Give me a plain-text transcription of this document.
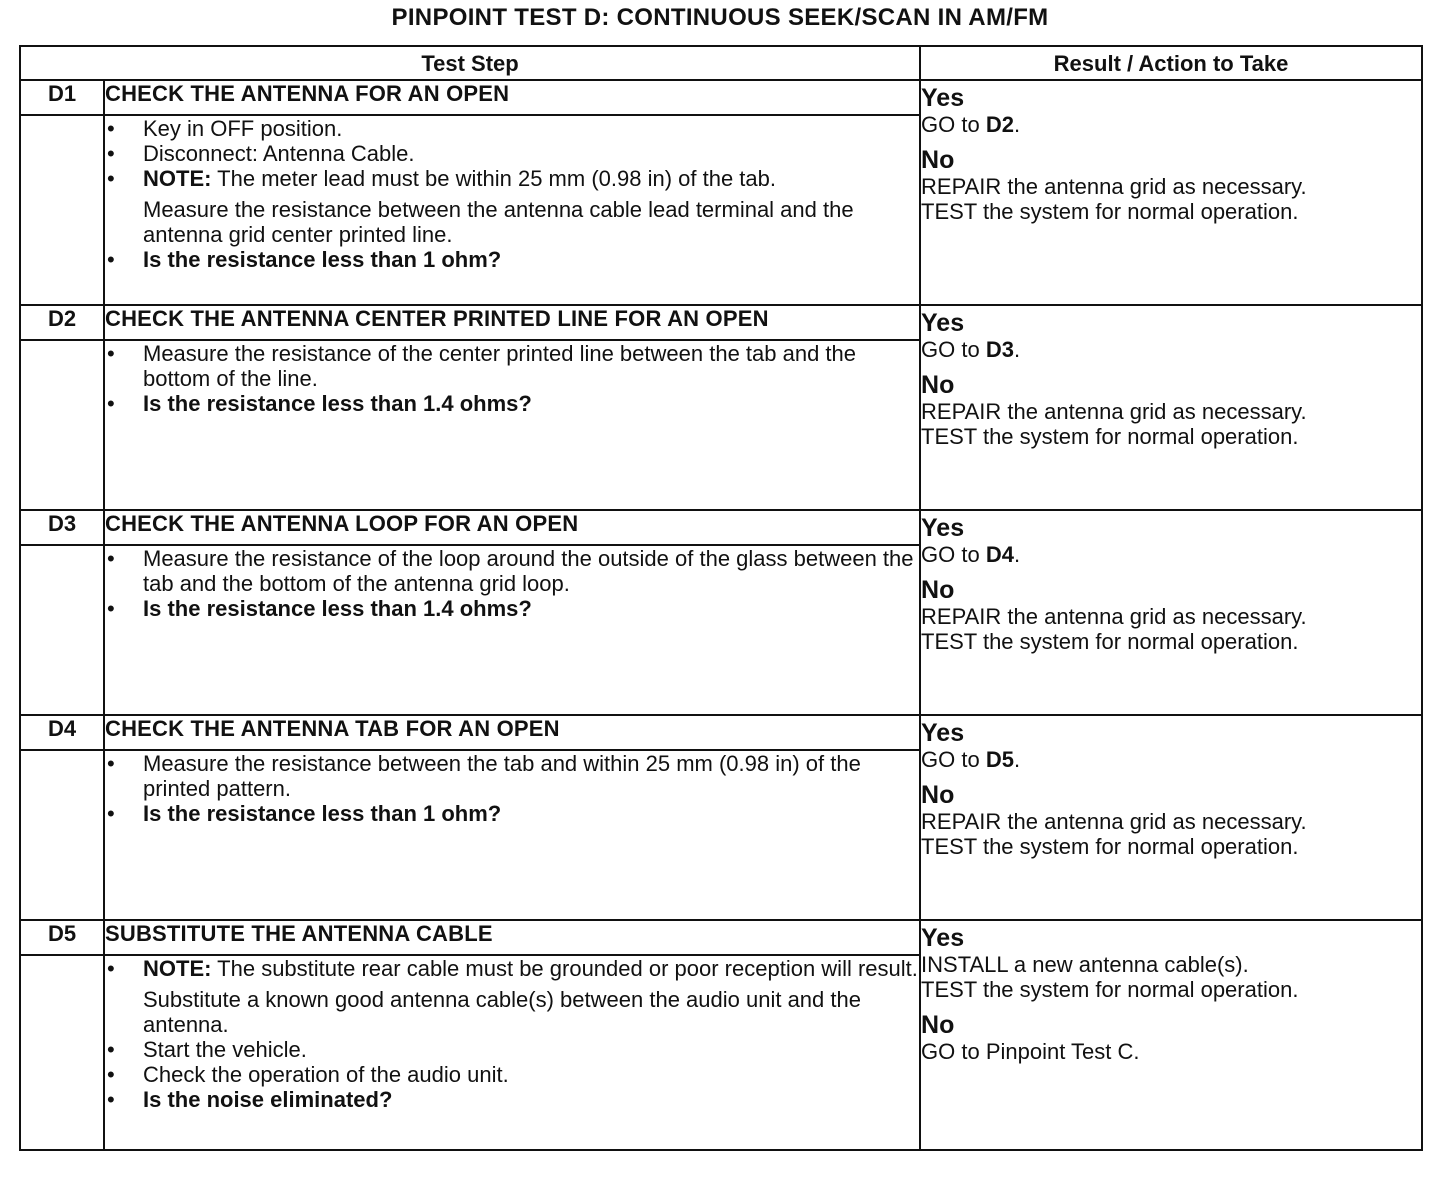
PINPOINT TEST D: CONTINUOUS SEEK/SCAN IN AM/FM
Test Step		Result / Action to Take
D1	CHECK THE ANTENNA FOR AN OPEN	Yes
GO to D2.
No
REPAIR the antenna grid as necessary.
TEST the system for normal operation.

	• Key in OFF position.
• Disconnect: Antenna Cable.
• NOTE: The meter lead must be within 25 mm (0.98 in) of the tab.
Measure the resistance between the antenna cable lead terminal and the antenna grid center printed line.
• Is the resistance less than 1 ohm?

D2	CHECK THE ANTENNA CENTER PRINTED LINE FOR AN OPEN	Yes
GO to D3.
No
REPAIR the antenna grid as necessary.
TEST the system for normal operation.

	• Measure the resistance of the center printed line between the tab and the bottom of the line.
• Is the resistance less than 1.4 ohms?

D3	CHECK THE ANTENNA LOOP FOR AN OPEN	Yes
GO to D4.
No
REPAIR the antenna grid as necessary.
TEST the system for normal operation.

	• Measure the resistance of the loop around the outside of the glass between the tab and the bottom of the antenna grid loop.
• Is the resistance less than 1.4 ohms?

D4	CHECK THE ANTENNA TAB FOR AN OPEN	Yes
GO to D5.
No
REPAIR the antenna grid as necessary.
TEST the system for normal operation.

	• Measure the resistance between the tab and within 25 mm (0.98 in) of the printed pattern.
• Is the resistance less than 1 ohm?

D5	SUBSTITUTE THE ANTENNA CABLE	Yes
INSTALL a new antenna cable(s).
TEST the system for normal operation.
No
GO to Pinpoint Test C.

	• NOTE: The substitute rear cable must be grounded or poor reception will result.
Substitute a known good antenna cable(s) between the audio unit and the antenna.
• Start the vehicle.
• Check the operation of the audio unit.
• Is the noise eliminated?
